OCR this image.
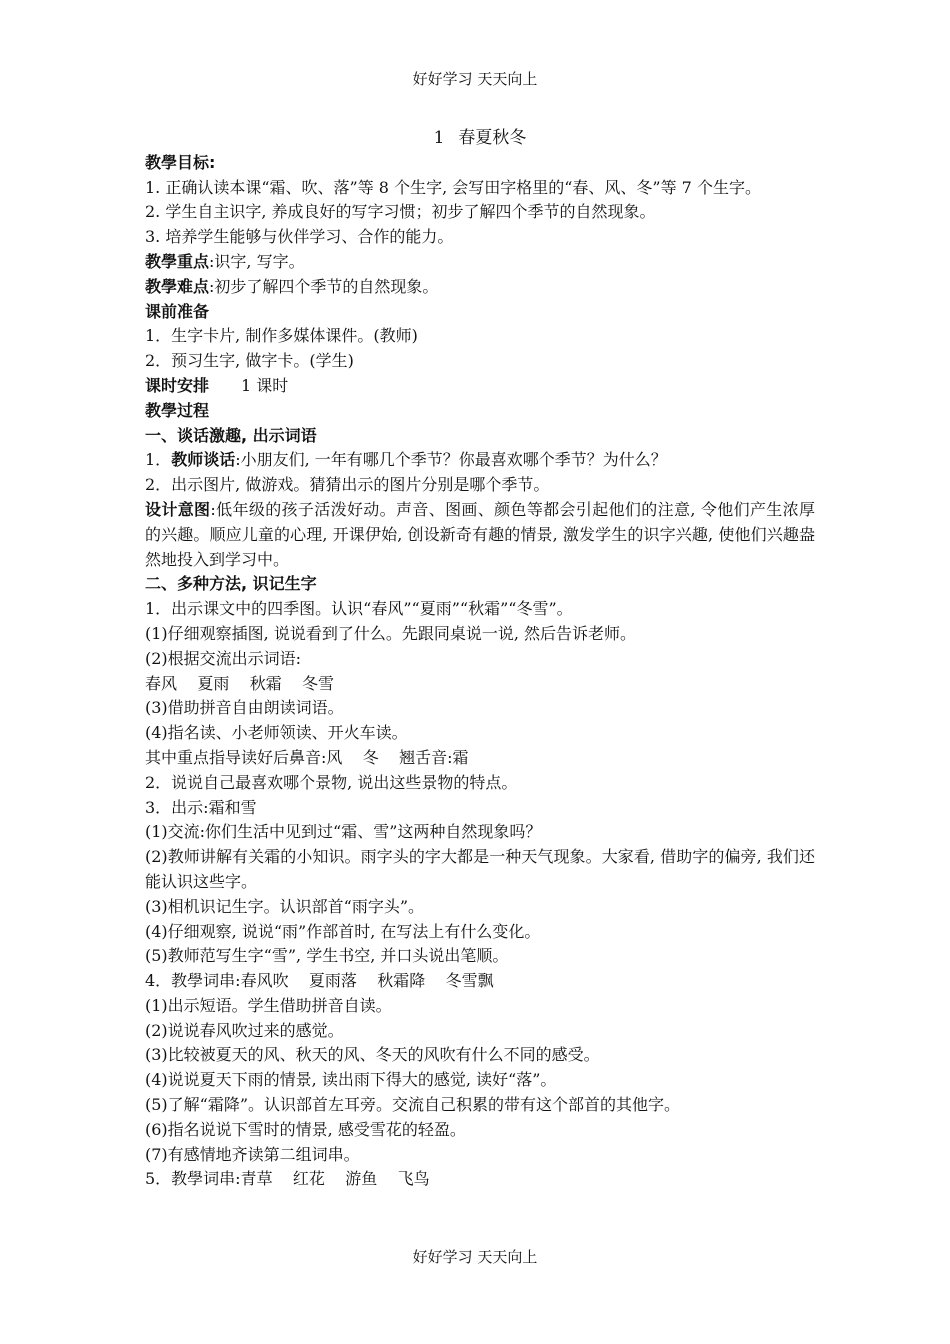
好好学习 天天向上
1 春夏秋冬
教學目标:
1. 正确认读本课“霜、吹、落”等 8 个生字, 会写田字格里的“春、风、冬”等 7 个生字。
2. 学生自主识字, 养成良好的写字习惯；初步了解四个季节的自然现象。
3. 培养学生能够与伙伴学习、合作的能力。
教學重点:识字, 写字。
教學难点:初步了解四个季节的自然现象。
课前准备
1．生字卡片, 制作多媒体课件。(教师)
2．预习生字, 做字卡。(学生)
课时安排 1 课时
教學过程
一、谈话激趣, 出示词语
1．教师谈话:小朋友们, 一年有哪几个季节？你最喜欢哪个季节？为什么？
2．出示图片, 做游戏。猜猜出示的图片分别是哪个季节。
设计意图:低年级的孩子活泼好动。声音、图画、颜色等都会引起他们的注意, 令他们产生浓厚的兴趣。顺应儿童的心理, 开课伊始, 创设新奇有趣的情景, 激发学生的识字兴趣, 使他们兴趣盎然地投入到学习中。
二、多种方法, 识记生字
1．出示课文中的四季图。认识“春风”“夏雨”“秋霜”“冬雪”。
(1)仔细观察插图, 说说看到了什么。先跟同桌说一说, 然后告诉老师。
(2)根据交流出示词语:
春风    夏雨    秋霜    冬雪
(3)借助拼音自由朗读词语。
(4)指名读、小老师领读、开火车读。
其中重点指导读好后鼻音:风    冬    翘舌音:霜
2．说说自己最喜欢哪个景物, 说出这些景物的特点。
3．出示:霜和雪
(1)交流:你们生活中见到过“霜、雪”这两种自然现象吗？
(2)教师讲解有关霜的小知识。雨字头的字大都是一种天气现象。大家看, 借助字的偏旁, 我们还能认识这些字。
(3)相机识记生字。认识部首“雨字头”。
(4)仔细观察, 说说“雨”作部首时, 在写法上有什么变化。
(5)教师范写生字“雪”, 学生书空, 并口头说出笔顺。
4．教學词串:春风吹    夏雨落    秋霜降    冬雪飘
(1)出示短语。学生借助拼音自读。
(2)说说春风吹过来的感觉。
(3)比较被夏天的风、秋天的风、冬天的风吹有什么不同的感受。
(4)说说夏天下雨的情景, 读出雨下得大的感觉, 读好“落”。
(5)了解“霜降”。认识部首左耳旁。交流自己积累的带有这个部首的其他字。
(6)指名说说下雪时的情景, 感受雪花的轻盈。
(7)有感情地齐读第二组词串。
5．教學词串:青草    红花    游鱼    飞鸟
好好学习 天天向上
